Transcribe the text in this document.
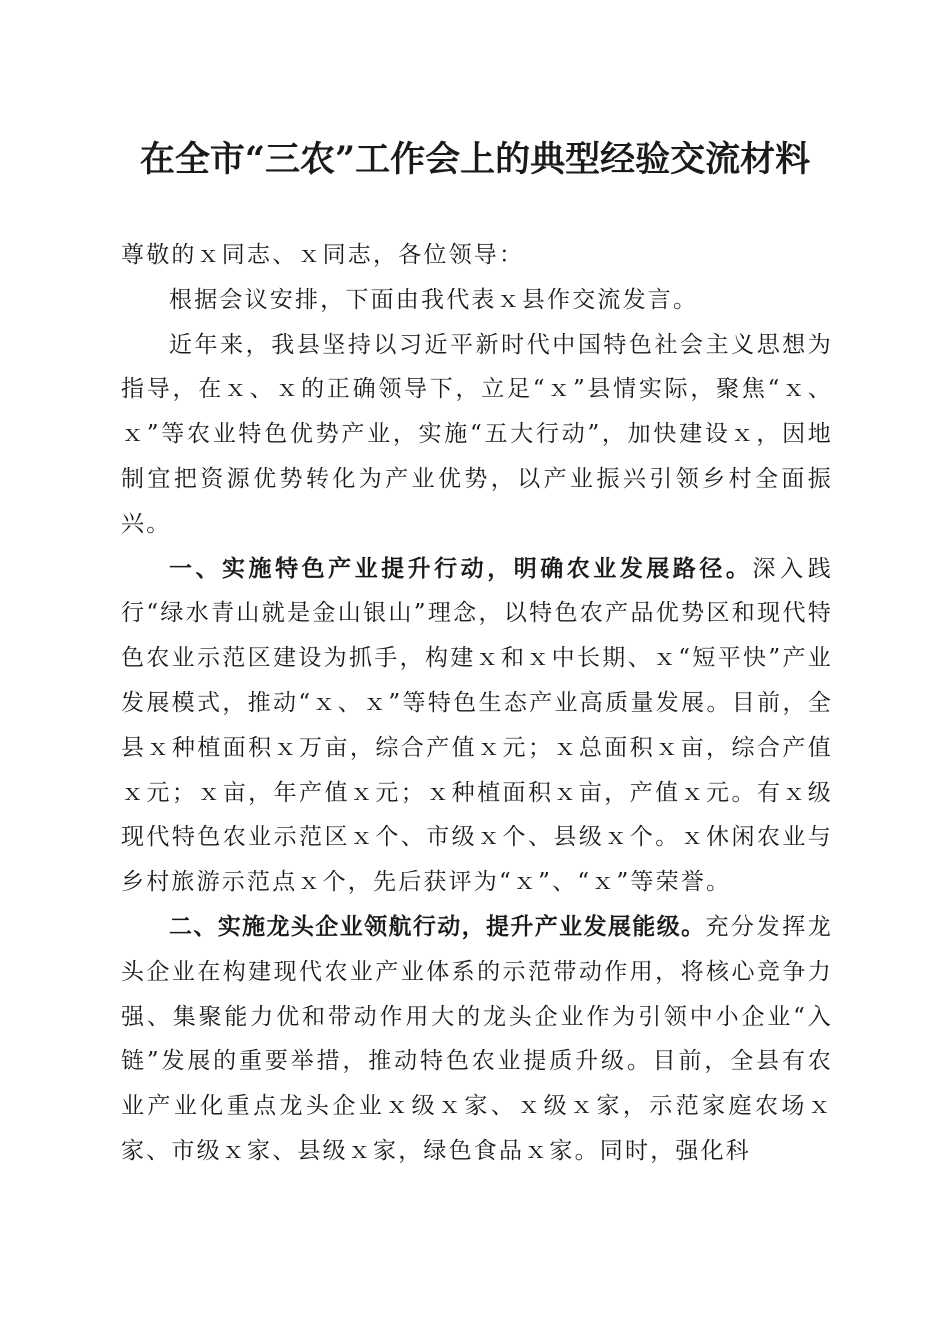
在全市“三农”工作会上的典型经验交流材料

尊敬的ｘ同志、ｘ同志，各位领导：

根据会议安排，下面由我代表ｘ县作交流发言。

近年来，我县坚持以习近平新时代中国特色社会主义思想为指导，在ｘ、ｘ的正确领导下，立足“ｘ”县情实际，聚焦“ｘ、ｘ”等农业特色优势产业，实施“五大行动”，加快建设ｘ，因地制宜把资源优势转化为产业优势，以产业振兴引领乡村全面振兴。

一、实施特色产业提升行动，明确农业发展路径。深入践行“绿水青山就是金山银山”理念，以特色农产品优势区和现代特色农业示范区建设为抓手，构建ｘ和ｘ中长期、ｘ“短平快”产业发展模式，推动“ｘ、ｘ”等特色生态产业高质量发展。目前，全县ｘ种植面积ｘ万亩，综合产值ｘ元；ｘ总面积ｘ亩，综合产值ｘ元；ｘ亩，年产值ｘ元；ｘ种植面积ｘ亩，产值ｘ元。有ｘ级现代特色农业示范区ｘ个、市级ｘ个、县级ｘ个。ｘ休闲农业与乡村旅游示范点ｘ个，先后获评为“ｘ”、“ｘ”等荣誉。

二、实施龙头企业领航行动，提升产业发展能级。充分发挥龙头企业在构建现代农业产业体系的示范带动作用，将核心竞争力强、集聚能力优和带动作用大的龙头企业作为引领中小企业“入链”发展的重要举措，推动特色农业提质升级。目前，全县有农业产业化重点龙头企业ｘ级ｘ家、ｘ级ｘ家，示范家庭农场ｘ家、市级ｘ家、县级ｘ家，绿色食品ｘ家。同时，强化科
